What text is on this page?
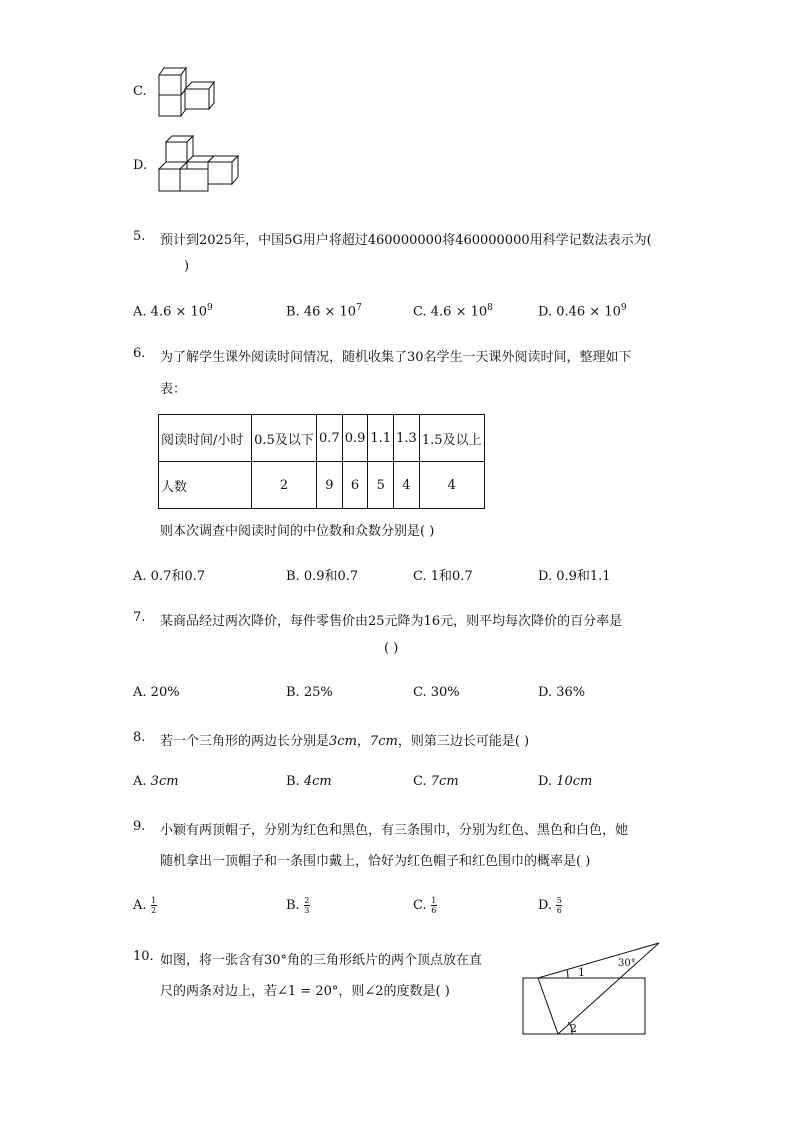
C.
D.
5. 预计到2025年，中国5G用户将超过460000000将460000000用科学记数法表示为(
)
A. $4.6 \times 10^9$	B. $46 \times 10^7$	C. $4.6 \times 10^8$	D. $0.46 \times 10^9$
6. 为了解学生课外阅读时间情况，随机收集了30名学生一天课外阅读时间，整理如下
表：
阅读时间/小时	0.5及以下	0.7	0.9	1.1	1.3	1.5及以上
人数	2	9	6	5	4	4
则本次调查中阅读时间的中位数和众数分别是( )
A. 0.7和0.7	B. 0.9和0.7	C. 1和0.7	D. 0.9和1.1
7. 某商品经过两次降价，每件零售价由25元降为16元，则平均每次降价的百分率是
( )
A. 20%	B. 25%	C. 30%	D. 36%
8. 若一个三角形的两边长分别是3cm，7cm，则第三边长可能是( )
A. 3cm	B. 4cm	C. 7cm	D. 10cm
9. 小颖有两顶帽子，分别为红色和黑色，有三条围巾，分别为红色、黑色和白色，她
随机拿出一顶帽子和一条围巾戴上，恰好为红色帽子和红色围巾的概率是( )
A. $\frac{1}{2}$	B. $\frac{2}{3}$	C. $\frac{1}{6}$	D. $\frac{5}{6}$
10. 如图，将一张含有30°角的三角形纸片的两个顶点放在直
尺的两条对边上，若∠1 = 20°，则∠2的度数是( )
30°
1
2
